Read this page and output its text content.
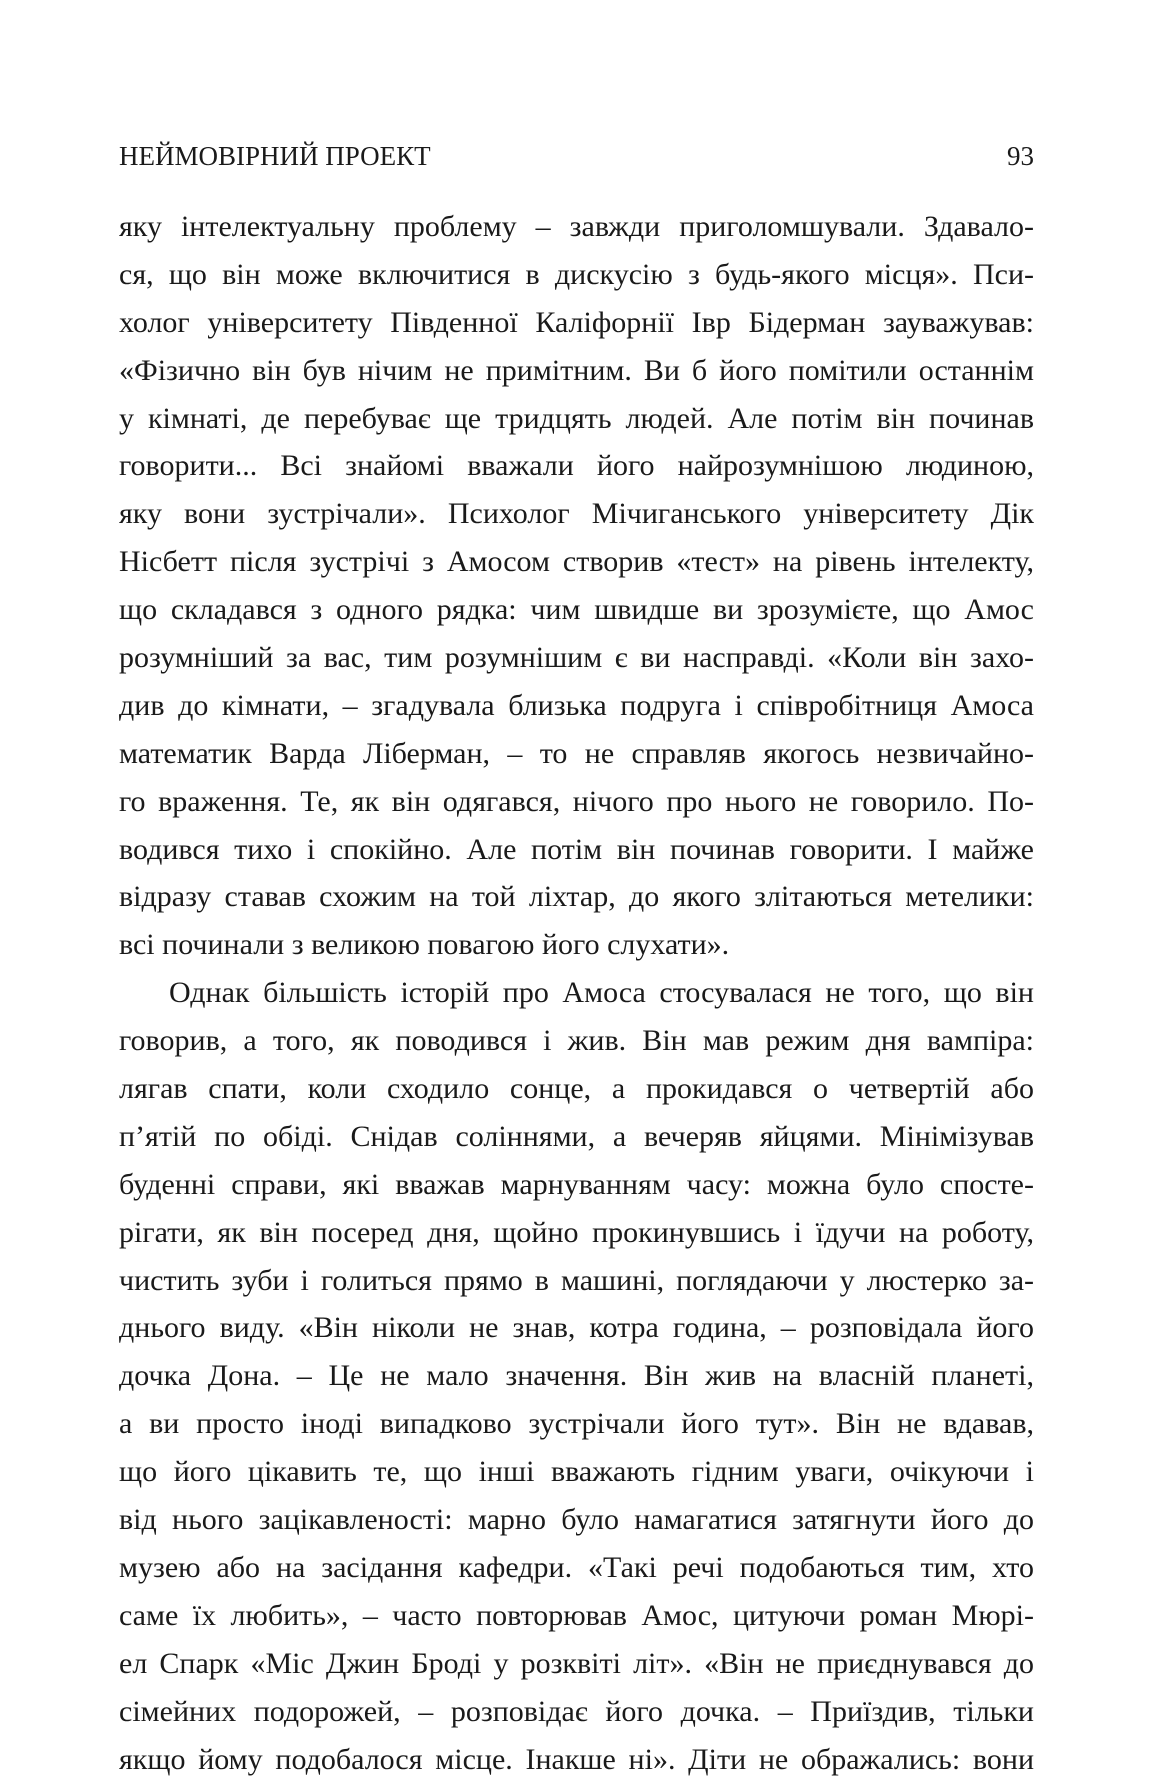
НЕЙМОВІРНИЙ ПРОЕКТ	93
яку інтелектуальну проблему – завжди приголомшували. Здавало-
ся, що він може включитися в дискусію з будь-якого місця». Пси-
холог університету Південної Каліфорнії Івр Бідерман зауважував:
«Фізично він був нічим не примітним. Ви б його помітили останнім
у кімнаті, де перебуває ще тридцять людей. Але потім він починав
говорити... Всі знайомі вважали його найрозумнішою людиною,
яку вони зустрічали». Психолог Мічиганського університету Дік
Нісбетт після зустрічі з Амосом створив «тест» на рівень інтелекту,
що складався з одного рядка: чим швидше ви зрозумієте, що Амос
розумніший за вас, тим розумнішим є ви насправді. «Коли він захо-
див до кімнати, – згадувала близька подруга і співробітниця Амоса
математик Варда Ліберман, – то не справляв якогось незвичайно-
го враження. Те, як він одягався, нічого про нього не говорило. По-
водився тихо і спокійно. Але потім він починав говорити. І майже
відразу ставав схожим на той ліхтар, до якого злітаються метелики:
всі починали з великою повагою його слухати».
Однак більшість історій про Амоса стосувалася не того, що він
говорив, а того, як поводився і жив. Він мав режим дня вампіра:
лягав спати, коли сходило сонце, а прокидався о четвертій або
п’ятій по обіді. Снідав соліннями, а вечеряв яйцями. Мінімізував
буденні справи, які вважав марнуванням часу: можна було споcте-
рігати, як він посеред дня, щойно прокинувшись і їдучи на роботу,
чистить зуби і голиться прямо в машині, поглядаючи у люстерко за-
днього виду. «Він ніколи не знав, котра година, – розповідала його
дочка Дона. – Це не мало значення. Він жив на власній планеті,
а ви просто іноді випадково зустрічали його тут». Він не вдавав,
що його цікавить те, що інші вважають гідним уваги, очікуючи і
від нього зацікавленості: марно було намагатися затягнути його до
музею або на засідання кафедри. «Такі речі подобаються тим, хто
саме їх любить», – часто повторював Амос, цитуючи роман Мюрі-
ел Спарк «Міс Джин Броді у розквіті літ». «Він не приєднувався до
сімейних подорожей, – розповідає його дочка. – Приїздив, тільки
якщо йому подобалося місце. Інакше ні». Діти не ображались: вони
